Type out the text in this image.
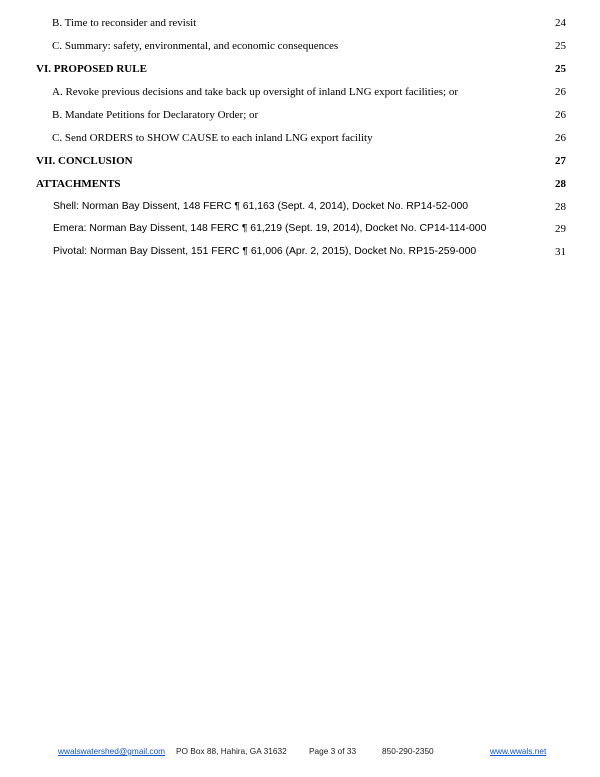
B. Time to reconsider and revisit	24
C. Summary: safety, environmental, and economic consequences	25
VI. PROPOSED RULE	25
A. Revoke previous decisions and take back up oversight of inland LNG export facilities; or	26
B. Mandate Petitions for Declaratory Order; or	26
C. Send ORDERS to SHOW CAUSE to each inland LNG export facility	26
VII. CONCLUSION	27
ATTACHMENTS	28
Shell: Norman Bay Dissent, 148 FERC ¶ 61,163 (Sept. 4, 2014), Docket No. RP14-52-000	28
Emera: Norman Bay Dissent, 148 FERC ¶ 61,219 (Sept. 19, 2014), Docket No. CP14-114-000	29
Pivotal: Norman Bay Dissent, 151 FERC ¶ 61,006 (Apr. 2, 2015), Docket No. RP15-259-000	31
wwalswatershed@gmail.com PO Box 88, Hahira, GA 31632	Page 3 of 33	850-290-2350	www.wwals.net
